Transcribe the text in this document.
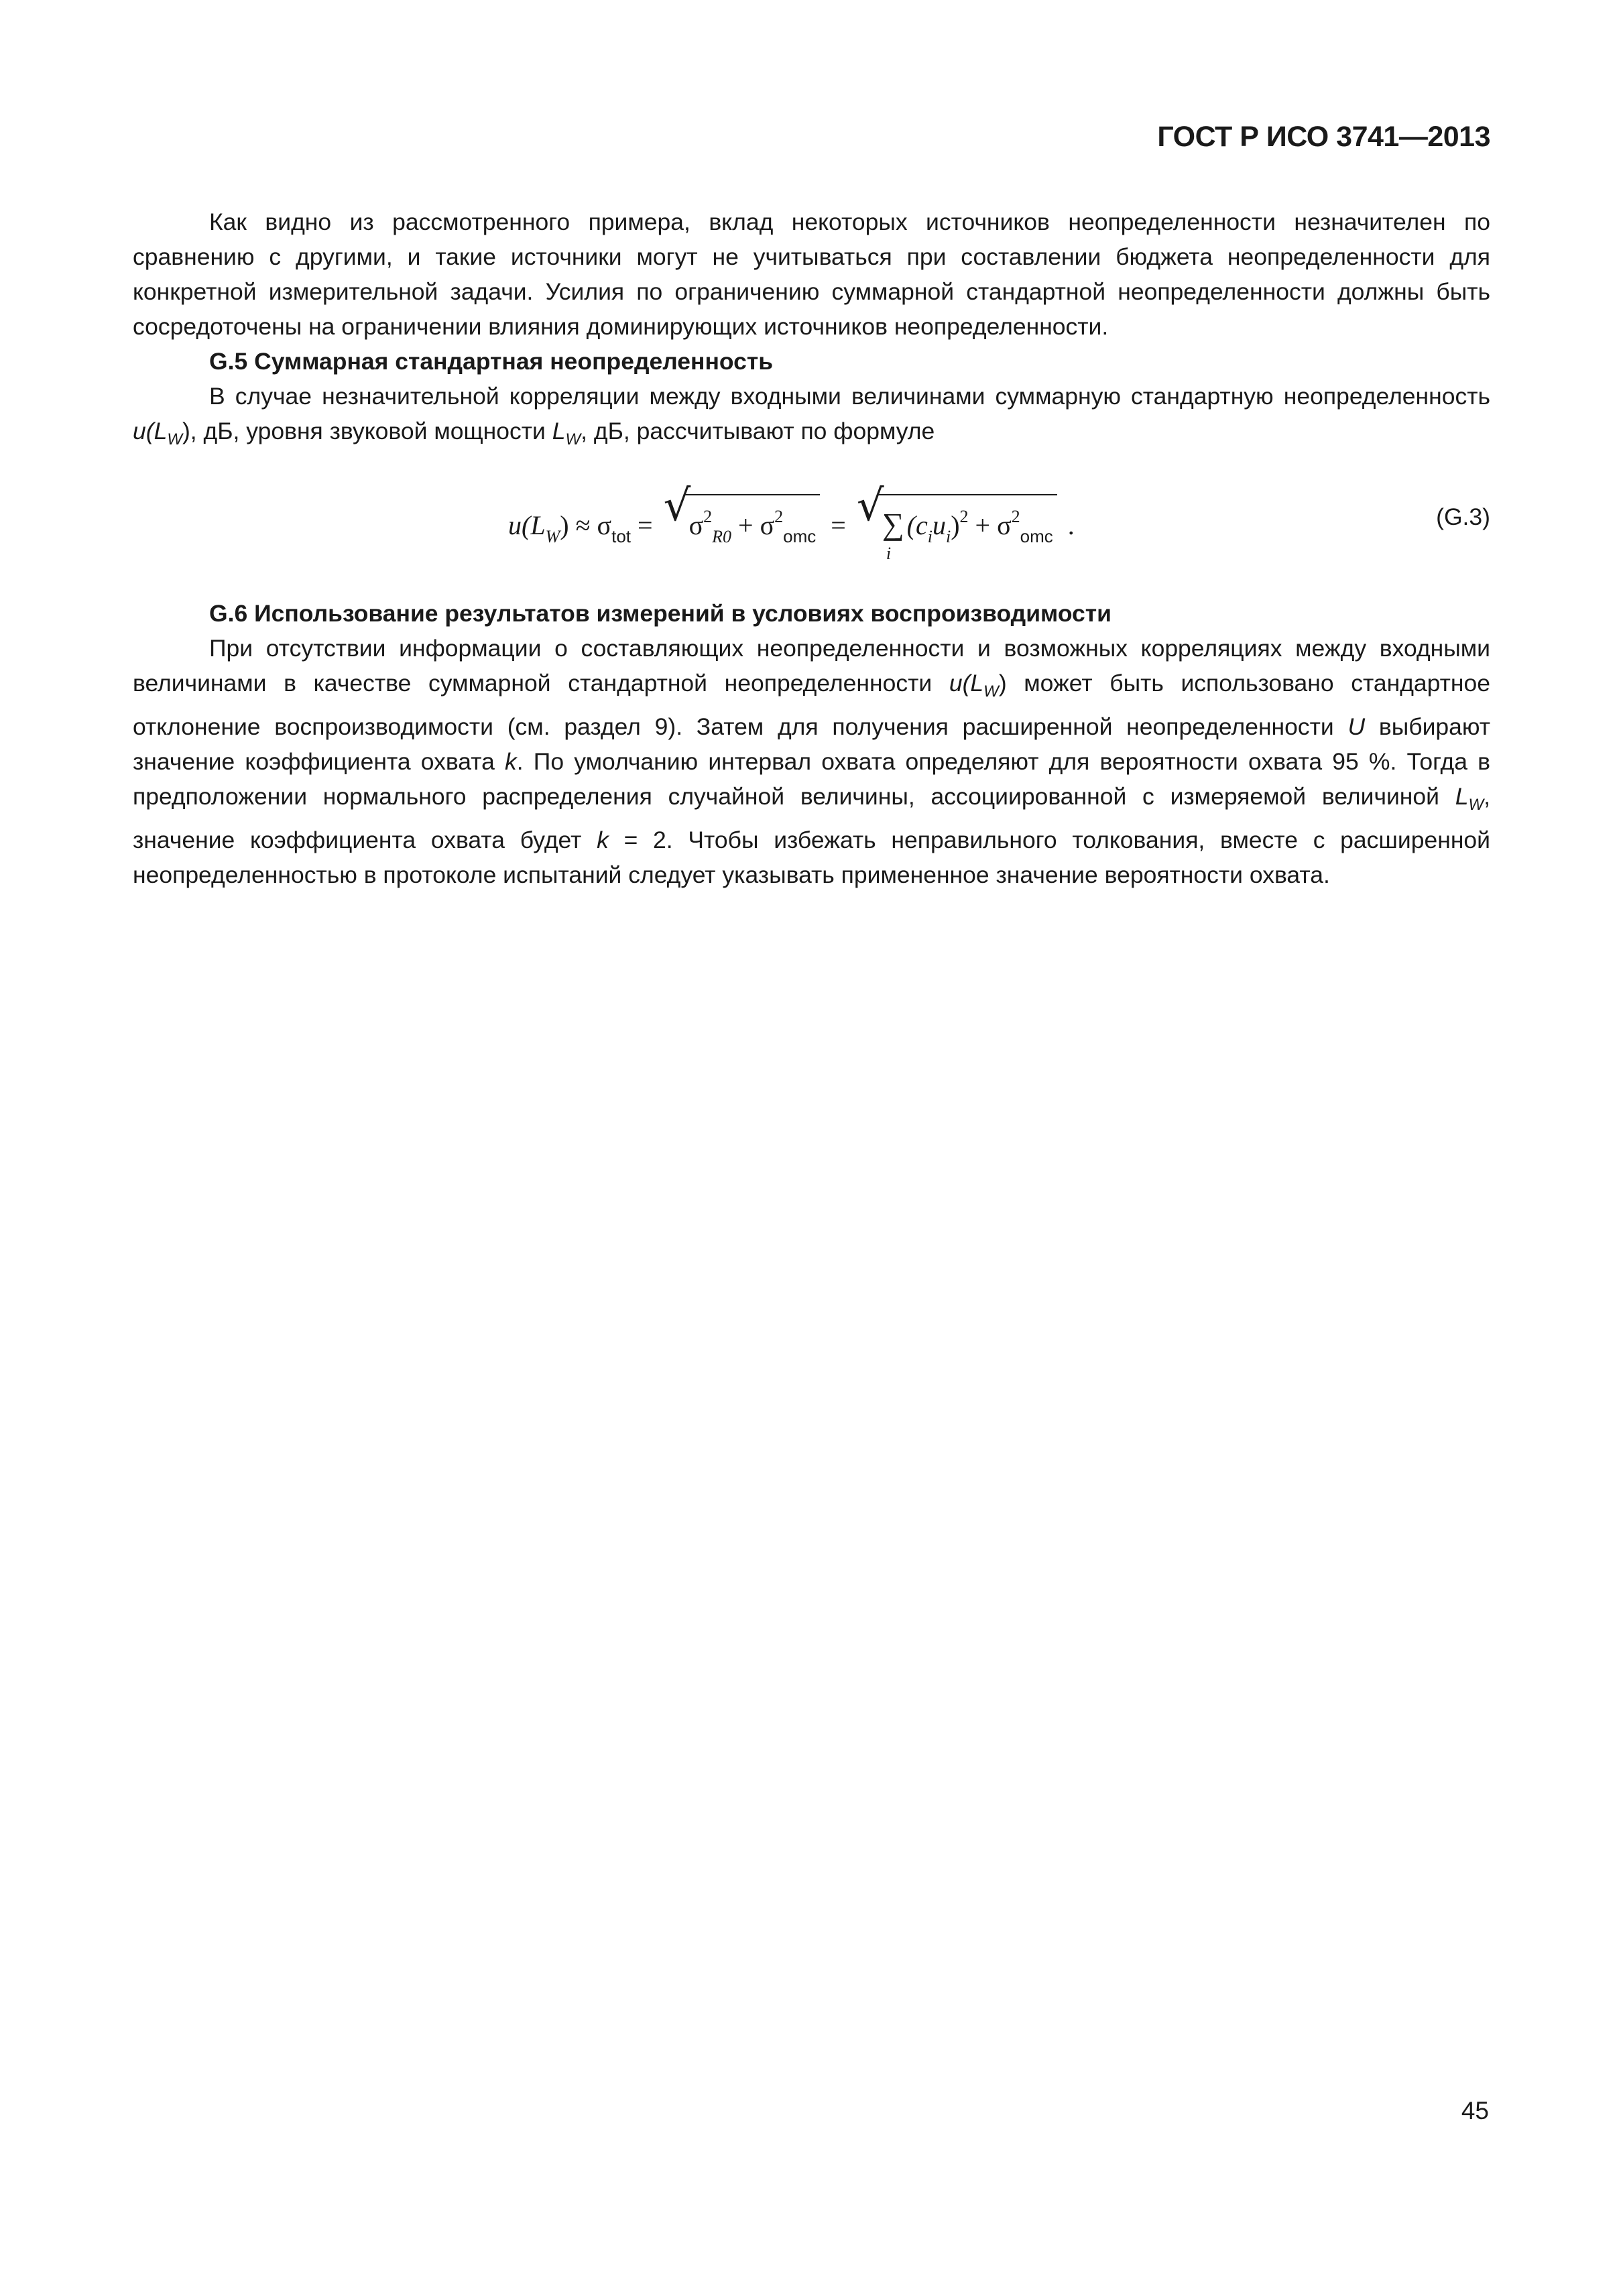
ГОСТ Р ИСО 3741—2013

Как видно из рассмотренного примера, вклад некоторых источников неопределенности незначителен по сравнению с другими, и такие источники могут не учитываться при составлении бюджета неопределенности для конкретной измерительной задачи. Усилия по ограничению суммарной стандартной неопределенности должны быть сосредоточены на ограничении влияния доминирующих источников неопределенности.

G.5 Суммарная стандартная неопределенность

В случае незначительной корреляции между входными величинами суммарную стандартную неопределенность $u(L_W)$, дБ, уровня звуковой мощности $L_W$, дБ, рассчитывают по формуле

$u(L_W) \approx \sigma_{tot}$ = √
$\sigma^2_{R0} + \sigma^2_{omc}$ = √
∑
i
$(c_iu_i)^2 + \sigma^2_{omc}$ .	(G.3)
G.6 Использование результатов измерений в условиях воспроизводимости

При отсутствии информации о составляющих неопределенности и возможных корреляциях между входными величинами в качестве суммарной стандартной неопределенности $u(L_W)$ может быть использовано стандартное отклонение воспроизводимости (см. раздел 9). Затем для получения расширенной неопределенности U выбирают значение коэффициента охвата k. По умолчанию интервал охвата определяют для вероятности охвата 95 %. Тогда в предположении нормального распределения случайной величины, ассоциированной с измеряемой величиной $L_W$, значение коэффициента охвата будет k = 2. Чтобы избежать неправильного толкования, вместе с расширенной неопределенностью в протоколе испытаний следует указывать примененное значение вероятности охвата.

45
